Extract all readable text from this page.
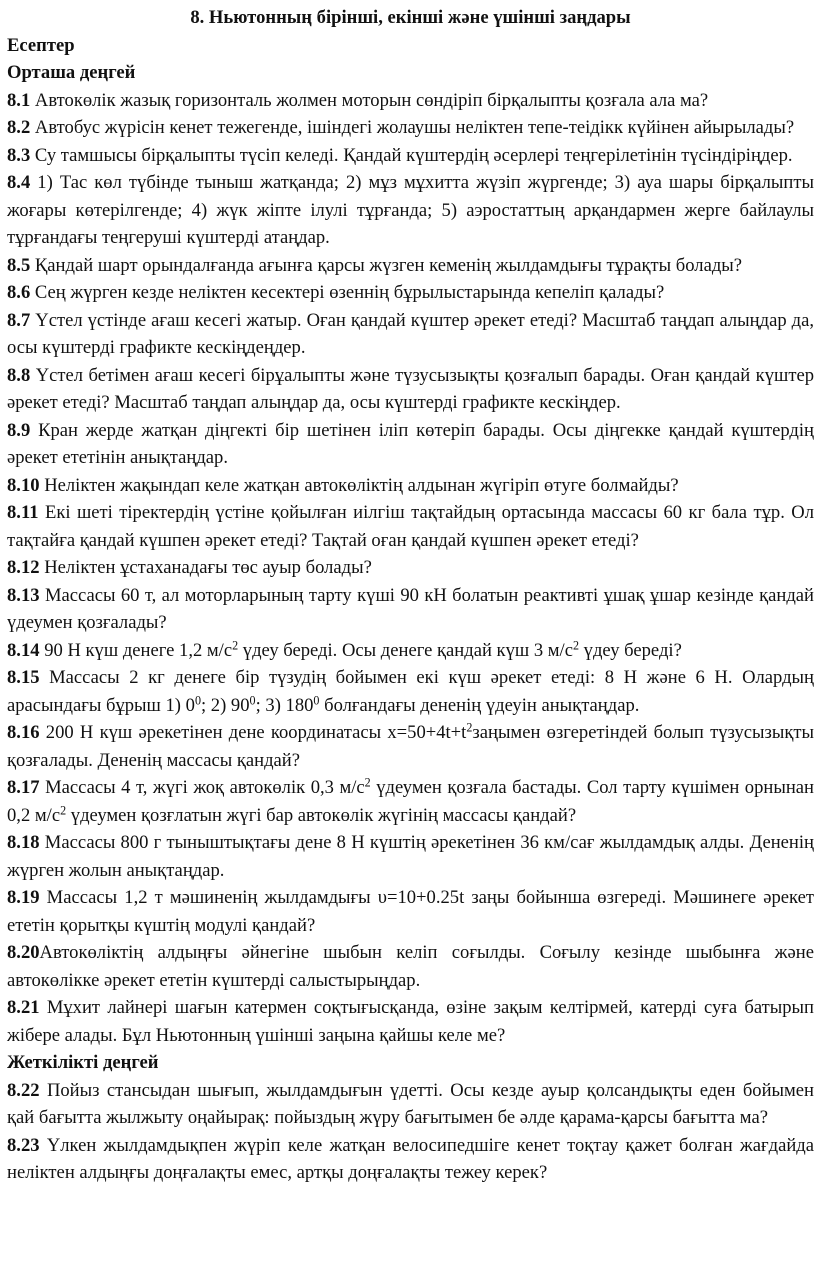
8. Ньютонның бірінші, екінші және үшінші заңдары

Есептер

Орташа деңгей

8.1 Автокөлік жазық горизонталь жолмен моторын сөндіріп бірқалыпты қозғала ала ма?

8.2 Автобус жүрісін кенет тежегенде, ішіндегі жолаушы неліктен тепе-теідікк күйінен айырылады?

8.3 Су тамшысы бірқалыпты түсіп келеді. Қандай күштердің әсерлері теңгерілетінін түсіндіріңдер.

8.4 1) Тас көл түбінде тыныш жатқанда; 2) мұз мұхитта жүзіп жүргенде; 3) ауа шары бірқалыпты жоғары көтерілгенде; 4) жүк жіпте ілулі тұрғанда; 5) аэростаттың арқандармен жерге байлаулы тұрғандағы теңгеруші күштерді атаңдар.

8.5 Қандай шарт орындалғанда ағынға қарсы жүзген кеменің жылдамдығы тұрақты болады?

8.6 Сең жүрген кезде неліктен кесектері өзеннің бұрылыстарында кепеліп қалады?

8.7 Үстел үстінде ағаш кесегі жатыр. Оған қандай күштер әрекет етеді? Масштаб таңдап алыңдар да, осы күштерді графикте кескіңдеңдер.

8.8 Үстел бетімен ағаш кесегі бірұалыпты және түзусызықты қозғалып барады. Оған қандай күштер әрекет етеді? Масштаб таңдап алыңдар да, осы күштерді графикте кескіңдер.

8.9 Кран жерде жатқан діңгекті бір шетінен іліп көтеріп барады. Осы діңгекке қандай күштердің әрекет ететінін анықтаңдар.

8.10 Неліктен жақындап келе жатқан автокөліктің алдынан жүгіріп өтуге болмайды?

8.11 Екі шеті тіректердің үстіне қойылған иілгіш тақтайдың ортасында массасы 60 кг бала тұр. Ол тақтайға қандай күшпен әрекет етеді? Тақтай оған қандай күшпен әрекет етеді?

8.12 Неліктен ұстаханадағы төс ауыр болады?

8.13 Массасы 60 т, ал моторларының тарту күші 90 кН болатын реактивті ұшақ ұшар кезінде қандай үдеумен қозғалады?

8.14 90 Н күш денеге 1,2 $м/с^2$ үдеу береді. Осы денеге қандай күш 3 $м/с^2$ үдеу береді?

8.15 Массасы 2 кг денеге бір түзудің бойымен екі күш әрекет етеді: 8 Н және 6 Н. Олардың арасындағы бұрыш 1) $0^0$; 2) $90^0$; 3) $180^0$ болғандағы дененің үдеуін анықтаңдар.

8.16 200 Н күш әрекетінен дене координатасы $x=50+4t+t^2заңымен$ өзгеретіндей болып түзусызықты қозғалады. Дененің массасы қандай?

8.17 Массасы 4 т, жүгі жоқ автокөлік 0,3 $м/с^2$ үдеумен қозғала бастады. Сол тарту күшімен орнынан 0,2 $м/с^2$ үдеумен қозғлатын жүгі бар автокөлік жүгінің массасы қандай?

8.18 Массасы 800 г тыныштықтағы дене 8 Н күштің әрекетінен 36 км/сағ жылдамдық алды. Дененің жүрген жолын анықтаңдар.

8.19 Массасы 1,2 т мәшиненің жылдамдығы υ=10+0.25t заңы бойынша өзгереді. Мәшинеге әрекет ететін қорытқы күштің модулі қандай?

8.20Автокөліктің алдыңғы әйнегіне шыбын келіп соғылды. Соғылу кезінде шыбынға және автокөлікке әрекет ететін күштерді салыстырыңдар.

8.21 Мұхит лайнері шағын катермен соқтығысқанда, өзіне зақым келтірмей, катерді суға батырып жібере алады. Бұл Ньютонның үшінші заңына қайшы келе ме?

Жеткілікті деңгей

8.22 Пойыз стансыдан шығып, жылдамдығын үдетті. Осы кезде ауыр қолсандықты еден бойымен қай бағытта жылжыту оңайырақ: пойыздың жүру бағытымен бе әлде қарама-қарсы бағытта ма?

8.23 Үлкен жылдамдықпен жүріп келе жатқан велосипедшіге кенет тоқтау қажет болған жағдайда неліктен алдыңғы доңғалақты емес, артқы доңғалақты тежеу керек?
